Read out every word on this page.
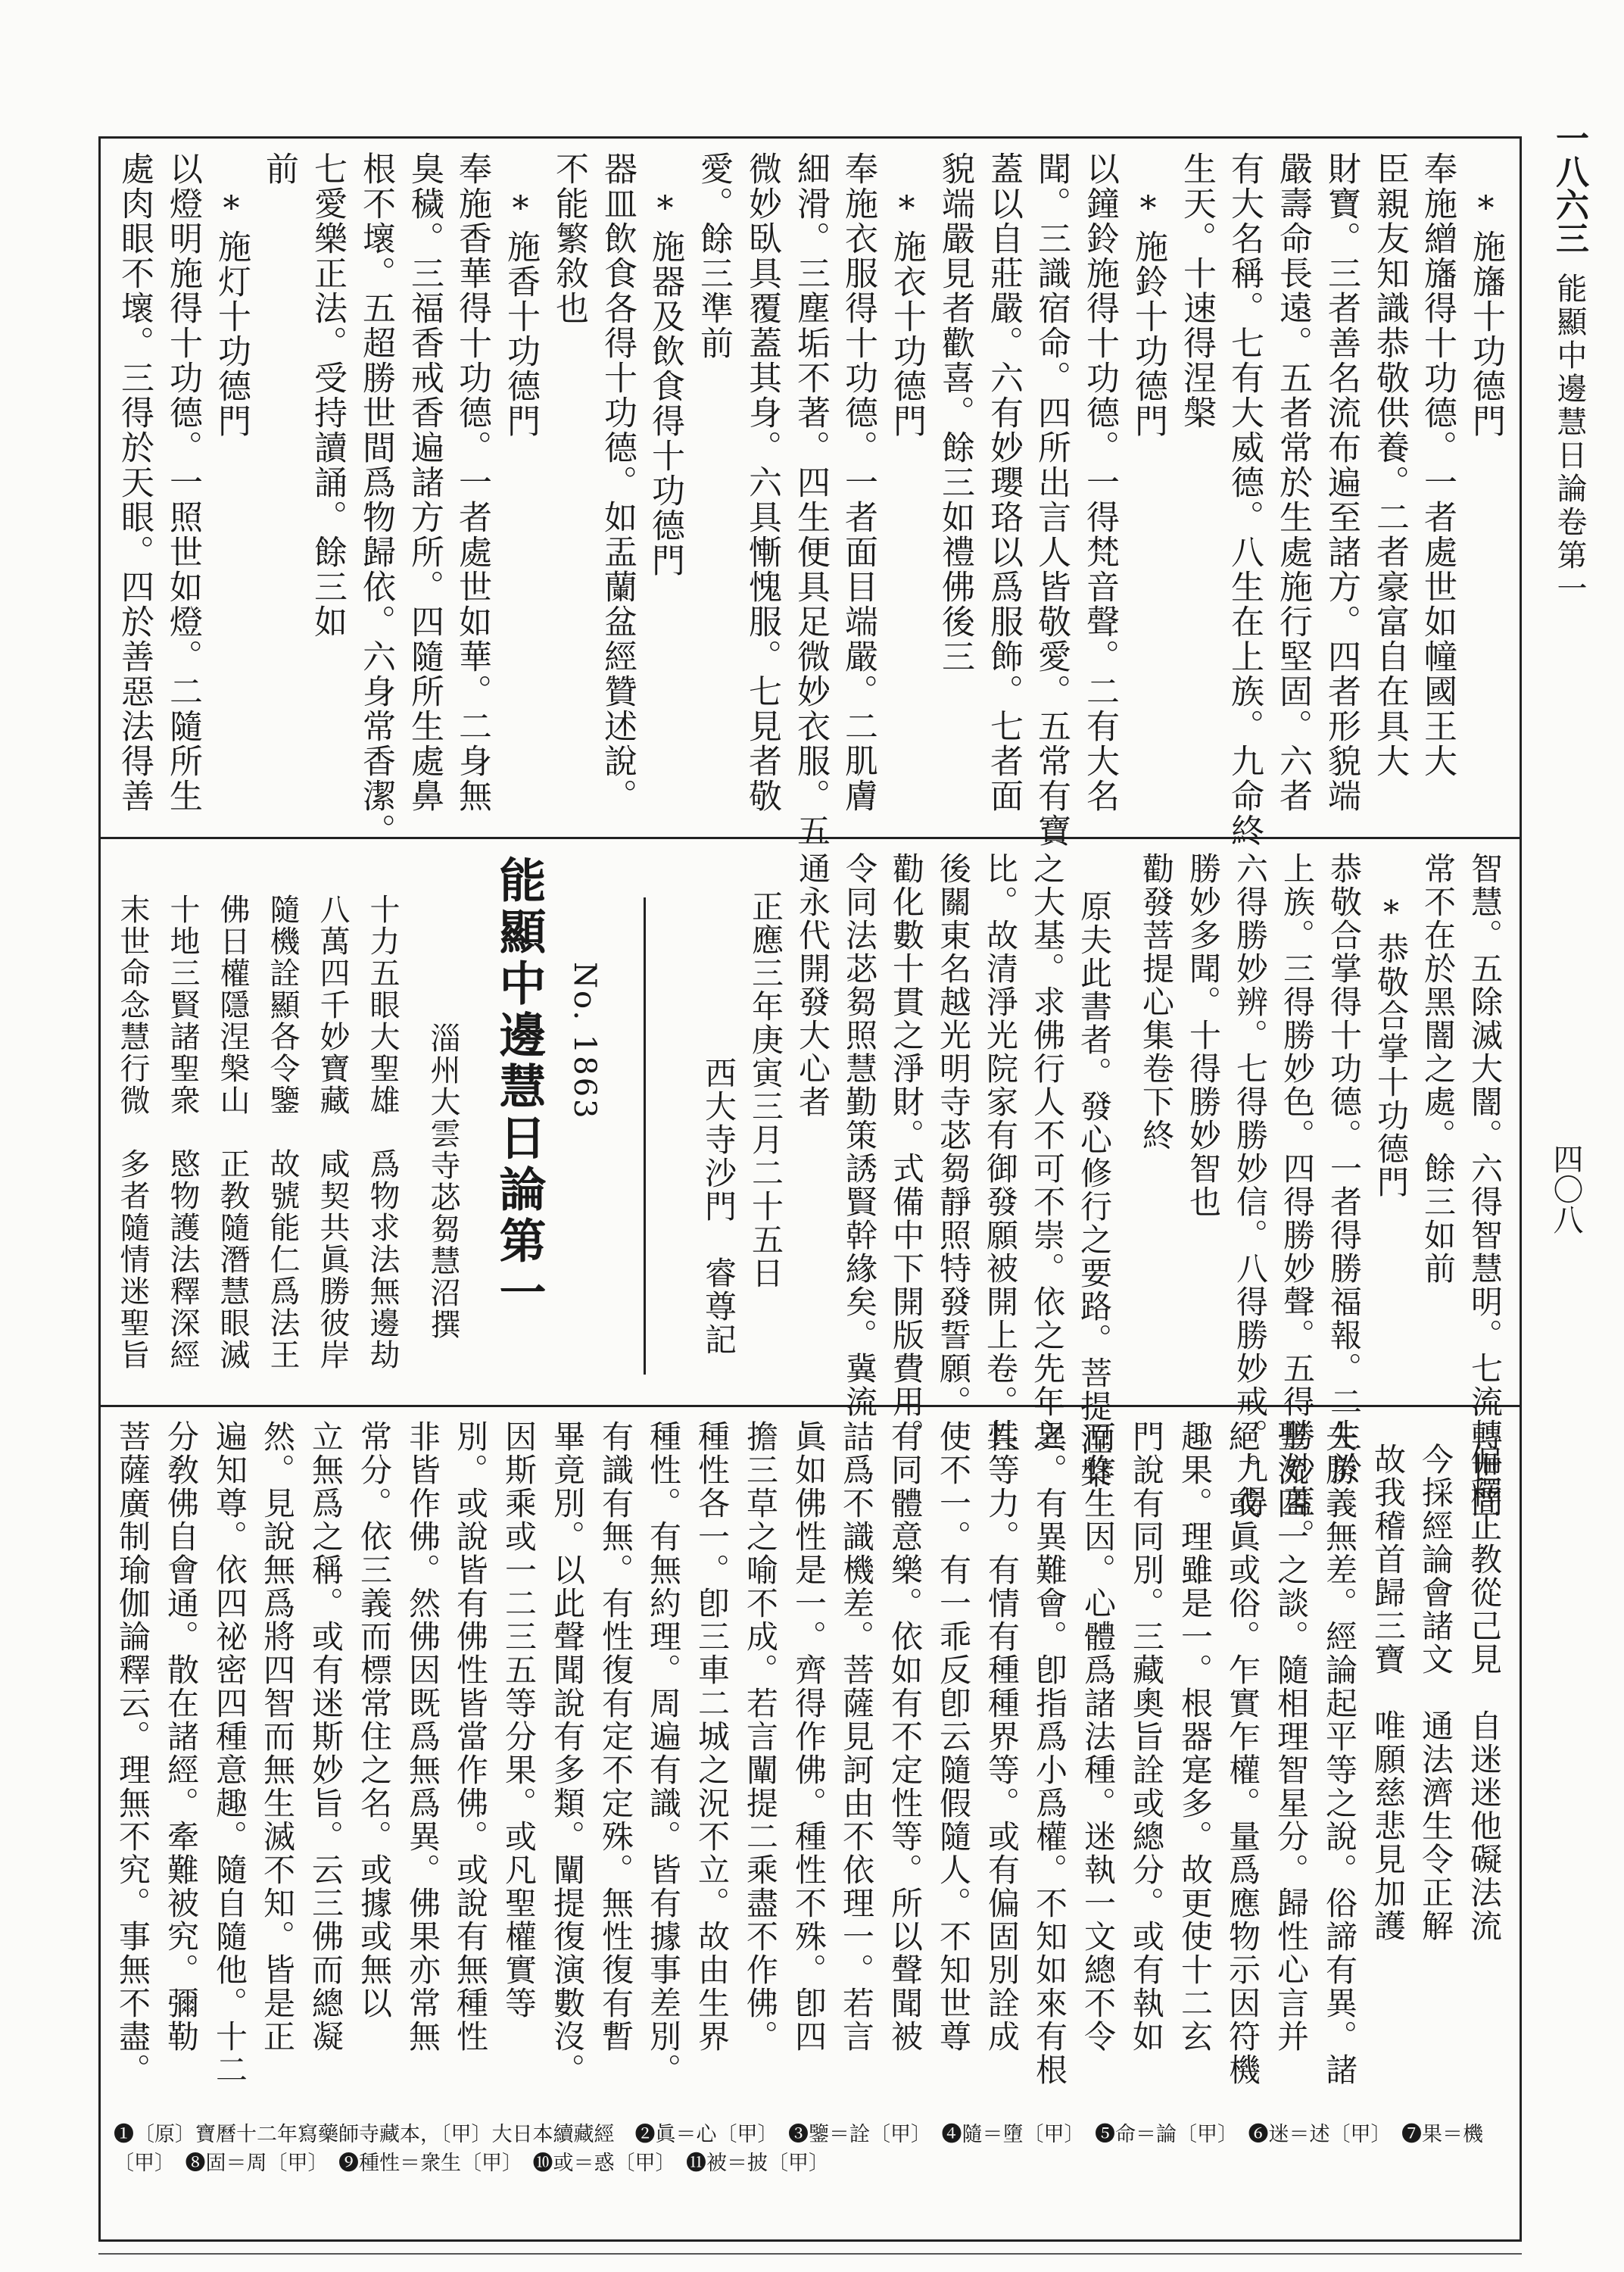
一八六三
能顯中邊慧日論卷第一
四〇八
*施旛十功德門
奉施繒旛得十功德。一者處世如幢國王大
臣親友知識恭敬供養。二者豪富自在具大
財寶。三者善名流布遍至諸方。四者形貌端
嚴壽命長遠。五者常於生處施行堅固。六者
有大名稱。七有大威德。八生在上族。九命終
生天。十速得涅槃
*施鈴十功德門
以鐘鈴施得十功德。一得梵音聲。二有大名
聞。三識宿命。四所出言人皆敬愛。五常有寶
蓋以自莊嚴。六有妙瓔珞以爲服飾。七者面
貌端嚴見者歡喜。餘三如禮佛後三
*施衣十功德門
奉施衣服得十功德。一者面目端嚴。二肌膚
細滑。三塵垢不著。四生便具足微妙衣服。五
微妙臥具覆蓋其身。六具慚愧服。七見者敬
愛。餘三準前
*施器及飲食得十功德門
器皿飲食各得十功德。如盂蘭盆經贊述說。
不能繁敘也
*施香十功德門
奉施香華得十功德。一者處世如華。二身無
臭穢。三福香戒香遍諸方所。四隨所生處鼻
根不壞。五超勝世間爲物歸依。六身常香潔。
七愛樂正法。受持讀誦。餘三如
前
*施灯十功德門
以燈明施得十功德。一照世如燈。二隨所生
處肉眼不壞。三得於天眼。四於善惡法得善
智慧。五除滅大闇。六得智慧明。七流轉世間
常不在於黑闇之處。餘三如前
*恭敬合掌十功德門
恭敬合掌得十功德。一者得勝福報。二生於
上族。三得勝妙色。四得勝妙聲。五得勝妙蓋。
六得勝妙辨。七得勝妙信。八得勝妙戒。九得
勝妙多聞。十得勝妙智也
勸發菩提心集卷下終
原夫此書者。發心修行之要路。菩提涅槃
之大基。求佛行人不可不崇。依之先年之
比。故清淨光院家有御發願被開上卷。其
後關東名越光明寺苾芻靜照特發誓願。
勸化數十貫之淨財。式備中下開版費用。
令同法苾芻照慧勤策誘賢幹緣矣。冀流
通永代開發大心者
正應三年庚寅三月二十五日
西大寺沙門　睿尊記
No. 1863
能顯中邊慧日論第一
淄州大雲寺苾芻慧沼撰
十力五眼大聖雄　爲物求法無邊劫
八萬四千妙寶藏　咸契共眞勝彼岸
隨機詮顯各令鑒　故號能仁爲法王
佛日權隱涅槃山　正教隨潛慧眼滅
十地三賢諸聖衆　愍物護法釋深經
末世命念慧行微　多者隨情迷聖旨
偏釋正教從己見　自迷迷他礙法流
今採經論會諸文　通法濟生令正解
故我稽首歸三寶　唯願慈悲見加護
夫勝義無差。經論起平等之說。俗諦有異。諸
聖流四一之談。隨相理智星分。歸性心言并
絕。或眞或俗。乍實乍權。量爲應物示因符機
趣果。理雖是一。根器寔多。故更使十二玄
門說有同別。三藏奧旨詮或總分。或有執如
而作生因。心體爲諸法種。迷執一文總不令
異。有異難會。卽指爲小爲權。不知如來有根
性等力。有情有種種界等。或有偏固別詮成
使不一。有一乖反卽云隨假隨人。不知世尊
有同體意樂。依如有不定性等。所以聲聞被
詰爲不識機差。菩薩見訶由不依理一。若言
眞如佛性是一。齊得作佛。種性不殊。卽四
擔三草之喻不成。若言闡提二乘盡不作佛。
種性各一。卽三車二城之況不立。故由生界
種性。有無約理。周遍有識。皆有據事差別。
有識有無。有性復有定不定殊。無性復有暫
畢竟別。以此聲聞說有多類。闡提復演數沒。
因斯乘或一二三五等分果。或凡聖權實等
別。或說皆有佛性皆當作佛。或說有無種性
非皆作佛。然佛因既爲無爲異。佛果亦常無
常分。依三義而標常住之名。或據或無以
立無爲之稱。或有迷斯妙旨。云三佛而總凝
然。見說無爲將四智而無生滅不知。皆是正
遍知尊。依四祕密四種意趣。隨自隨他。十二
分敎佛自會通。散在諸經。牽難被究。彌勒
菩薩廣制瑜伽論釋云。理無不究。事無不盡。
❶〔原〕寶曆十二年寫藥師寺藏本，〔甲〕大日本續藏經　❷眞＝心〔甲〕　❸鑒＝詮〔甲〕　❹隨＝墮〔甲〕　❺命＝論〔甲〕　❻迷＝述〔甲〕　❼果＝機〔甲〕　❽固＝周〔甲〕　❾種性＝衆生〔甲〕　❿或＝惑〔甲〕　⓫被＝披〔甲〕
